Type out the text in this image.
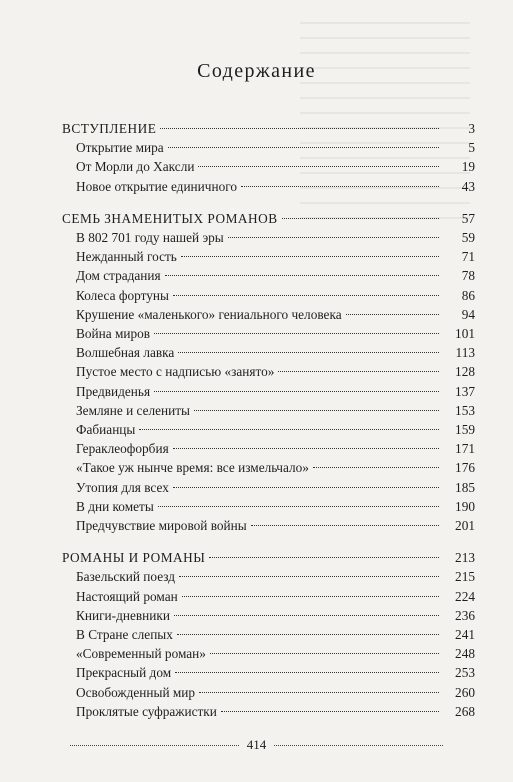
Содержание
ВСТУПЛЕНИЕ	3
Открытие мира	5
От Морли до Хаксли	19
Новое открытие единичного	43
СЕМЬ ЗНАМЕНИТЫХ РОМАНОВ	57
В 802 701 году нашей эры	59
Нежданный гость	71
Дом страдания	78
Колеса фортуны	86
Крушение «маленького» гениального человека	94
Война миров	101
Волшебная лавка	113
Пустое место с надписью «занято»	128
Предвиденья	137
Земляне и селениты	153
Фабианцы	159
Гераклеофорбия	171
«Такое уж нынче время: все измельчало»	176
Утопия для всех	185
В дни кометы	190
Предчувствие мировой войны	201
РОМАНЫ И РОМАНЫ	213
Базельский поезд	215
Настоящий роман	224
Книги-дневники	236
В Стране слепых	241
«Современный роман»	248
Прекрасный дом	253
Освобожденный мир	260
Проклятые суфражистки	268
414
